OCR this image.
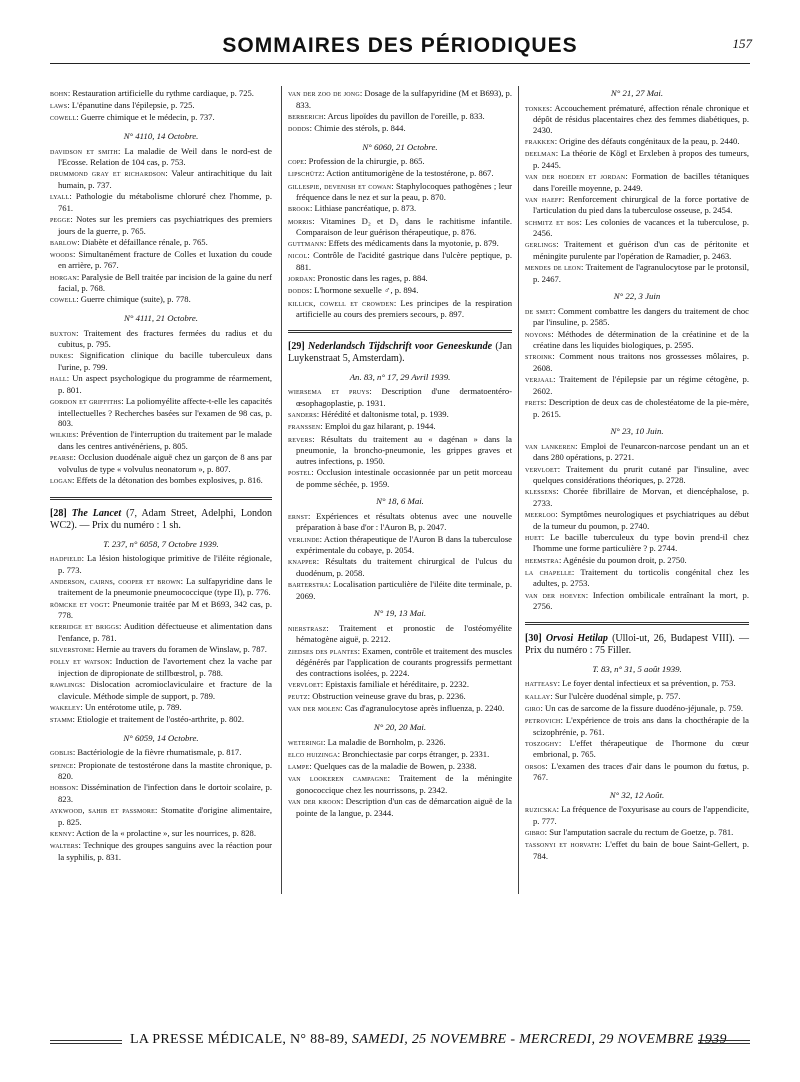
SOMMAIRES DES PÉRIODIQUES	157
bohn: Restauration artificielle du rythme cardiaque, p. 725.
laws: L'épanutine dans l'épilepsie, p. 725.
cowell: Guerre chimique et le médecin, p. 737.
N° 4110, 14 Octobre.
davidson et smith: La maladie de Weil dans le nord-est de l'Ecosse. Relation de 104 cas, p. 753.
drummond gray et richardson: Valeur antirachitique du lait humain, p. 737.
lyall: Pathologie du métabolisme chloruré chez l'homme, p. 761.
pegge: Notes sur les premiers cas psychiatriques des premiers jours de la guerre, p. 765.
barlow: Diabète et défaillance rénale, p. 765.
woods: Simultanément fracture de Colles et luxation du coude en arrière, p. 767.
horgan: Paralysie de Bell traitée par incision de la gaine du nerf facial, p. 768.
cowell: Guerre chimique (suite), p. 778.
N° 4111, 21 Octobre.
buxton: Traitement des fractures fermées du radius et du cubitus, p. 795.
dukes: Signification clinique du bacille tuberculeux dans l'urine, p. 799.
hall: Un aspect psychologique du programme de réarmement, p. 801.
gordon et griffiths: La poliomyélite affecte-t-elle les capacités intellectuelles ? Recherches basées sur l'examen de 98 cas, p. 803.
wilkies: Prévention de l'interruption du traitement par le malade dans les centres antivénériens, p. 805.
pearse: Occlusion duodénale aiguë chez un garçon de 8 ans par volvulus de type « volvulus neonatorum », p. 807.
logan: Effets de la détonation des bombes explosives, p. 816.
[28] The Lancet (7, Adam Street, Adelphi, London WC2). — Prix du numéro : 1 sh.
T. 237, n° 6058, 7 Octobre 1939.
hadfield: La lésion histologique primitive de l'iléite régionale, p. 773.
anderson, cairns, cooper et brown: La sulfapyridine dans le traitement de la pneumonie pneumococcique (type II), p. 776.
römcke et vogt: Pneumonie traitée par M et B693, 342 cas, p. 778.
kerridge et briggs: Audition défectueuse et alimentation dans l'enfance, p. 781.
silverstone: Hernie au travers du foramen de Winslaw, p. 787.
folly et watson: Induction de l'avortement chez la vache par injection de dipropionate de stillbœstrol, p. 788.
rawlings: Dislocation acromioclaviculaire et fracture de la clavicule. Méthode simple de support, p. 789.
wakeley: Un entérotome utile, p. 789.
stamm: Etiologie et traitement de l'ostéo-arthrite, p. 802.
N° 6059, 14 Octobre.
goblis: Bactériologie de la fièvre rhumatismale, p. 817.
spence: Propionate de testostérone dans la mastite chronique, p. 820.
hobson: Dissémination de l'infection dans le dortoir scolaire, p. 823.
aykwood, sahib et passmore: Stomatite d'origine alimentaire, p. 825.
kenny: Action de la « prolactine », sur les nourrices, p. 828.
walters: Technique des groupes sanguins avec la réaction pour la syphilis, p. 831.
van der zoo de jong: Dosage de la sulfapyridine (M et B693), p. 833.
berberich: Arcus lipoïdes du pavillon de l'oreille, p. 833.
dodds: Chimie des stérols, p. 844.
N° 6060, 21 Octobre.
cope: Profession de la chirurgie, p. 865.
lipschütz: Action antitumorigène de la testostérone, p. 867.
gillespie, devenish et cowan: Staphylocoques pathogènes ; leur fréquence dans le nez et sur la peau, p. 870.
brook: Lithiase pancréatique, p. 873.
morris: Vitamines D₂ et D₃ dans le rachitisme infantile. Comparaison de leur guérison thérapeutique, p. 876.
guttmann: Effets des médicaments dans la myotonie, p. 879.
nicol: Contrôle de l'acidité gastrique dans l'ulcère peptique, p. 881.
jordan: Pronostic dans les rages, p. 884.
dodds: L'hormone sexuelle ♂, p. 894.
killick, cowell et crowden: Les principes de la respiration artificielle au cours des premiers secours, p. 897.
[29] Nederlandsch Tijdschrift voor Geneeskunde (Jan Luykenstraat 5, Amsterdam).
An. 83, n° 17, 29 Avril 1939.
wiersema et pruys: Description d'une dermatoentéro-œsophagoplastie, p. 1931.
sanders: Hérédité et daltonisme total, p. 1939.
franssen: Emploi du gaz hilarant, p. 1944.
revers: Résultats du traitement au « dagénan » dans la pneumonie, la broncho-pneumonie, les grippes graves et autres infections, p. 1950.
postel: Occlusion intestinale occasionnée par un petit morceau de pomme séchée, p. 1959.
N° 18, 6 Mai.
ernst: Expériences et résultats obtenus avec une nouvelle préparation à base d'or : l'Auron B, p. 2047.
verlinde: Action thérapeutique de l'Auron B dans la tuberculose expérimentale du cobaye, p. 2054.
knapper: Résultats du traitement chirurgical de l'ulcus du duodénum, p. 2058.
barterstra: Localisation particulière de l'iléite dite terminale, p. 2069.
N° 19, 13 Mai.
nierstrasz: Traitement et pronostic de l'ostéomyélite hématogène aiguë, p. 2212.
ziedses des plantes: Examen, contrôle et traitement des muscles dégénérés par l'application de courants progressifs permettant des contractions isolées, p. 2224.
vervloet: Epistaxis familiale et héréditaire, p. 2232.
peutz: Obstruction veineuse grave du bras, p. 2236.
van der molen: Cas d'agranulocytose après influenza, p. 2240.
N° 20, 20 Mai.
weteringi: La maladie de Bornholm, p. 2326.
elco huizinga: Bronchiectasie par corps étranger, p. 2331.
lampe: Quelques cas de la maladie de Bowen, p. 2338.
van lookeren campagne: Traitement de la méningite gonococcique chez les nourrissons, p. 2342.
van der kroon: Description d'un cas de démarcation aiguë de la pointe de la langue, p. 2344.
N° 21, 27 Mai.
tonkes: Accouchement prématuré, affection rénale chronique et dépôt de résidus placentaires chez des femmes diabétiques, p. 2430.
frakken: Origine des défauts congénitaux de la peau, p. 2440.
deelman: La théorie de Kögl et Erxleben à propos des tumeurs, p. 2445.
van der hoeden et jordan: Formation de bacilles tétaniques dans l'oreille moyenne, p. 2449.
van haeff: Renforcement chirurgical de la force portative de l'articulation du pied dans la tuberculose osseuse, p. 2454.
schmitz et bos: Les colonies de vacances et la tuberculose, p. 2456.
gerlings: Traitement et guérison d'un cas de péritonite et méningite purulente par l'opération de Ramadier, p. 2463.
mendes de leon: Traitement de l'agranulocytose par le protonsil, p. 2467.
N° 22, 3 Juin
de smet: Comment combattre les dangers du traitement de choc par l'insuline, p. 2585.
noyons: Méthodes de détermination de la créatinine et de la créatine dans les liquides biologiques, p. 2595.
stroink: Comment nous traitons nos grossesses môlaires, p. 2608.
verjaal: Traitement de l'épilepsie par un régime cétogène, p. 2602.
frets: Description de deux cas de cholestéatome de la pie-mère, p. 2615.
N° 23, 10 Juin.
van lankeren: Emploi de l'eunarcon-narcose pendant un an et dans 280 opérations, p. 2721.
vervloet: Traitement du prurit cutané par l'insuline, avec quelques considérations théoriques, p. 2728.
klessens: Chorée fibrillaire de Morvan, et diencéphalose, p. 2733.
meerloo: Symptômes neurologiques et psychiatriques au début de la tumeur du poumon, p. 2740.
huet: Le bacille tuberculeux du type bovin prend-il chez l'homme une forme particulière ? p. 2744.
heemstra: Agénésie du poumon droit, p. 2750.
la chapelle: Traitement du torticolis congénital chez les adultes, p. 2753.
van der hoeven: Infection ombilicale entraînant la mort, p. 2756.
[30] Orvosi Hetilap (Ulloi-ut, 26, Budapest VIII). — Prix du numéro : 75 Filler.
T. 83, n° 31, 5 août 1939.
hatteasy: Le foyer dental infectieux et sa prévention, p. 753.
kallay: Sur l'ulcère duodénal simple, p. 757.
giro: Un cas de sarcome de la fissure duodéno-jéjunale, p. 759.
petrovich: L'expérience de trois ans dans la chocthérapie de la scizophrénie, p. 761.
toszoghy: L'effet thérapeutique de l'hormone du cœur embrional, p. 765.
orsos: L'examen des traces d'air dans le poumon du fœtus, p. 767.
N° 32, 12 Août.
ruzicska: La fréquence de l'oxyurisase au cours de l'appendicite, p. 777.
gibro: Sur l'amputation sacrale du rectum de Goetze, p. 781.
tassonyi et horvath: L'effet du bain de boue Saint-Gellert, p. 784.
LA PRESSE MÉDICALE, N° 88-89, SAMEDI, 25 NOVEMBRE - MERCREDI, 29 NOVEMBRE 1939
